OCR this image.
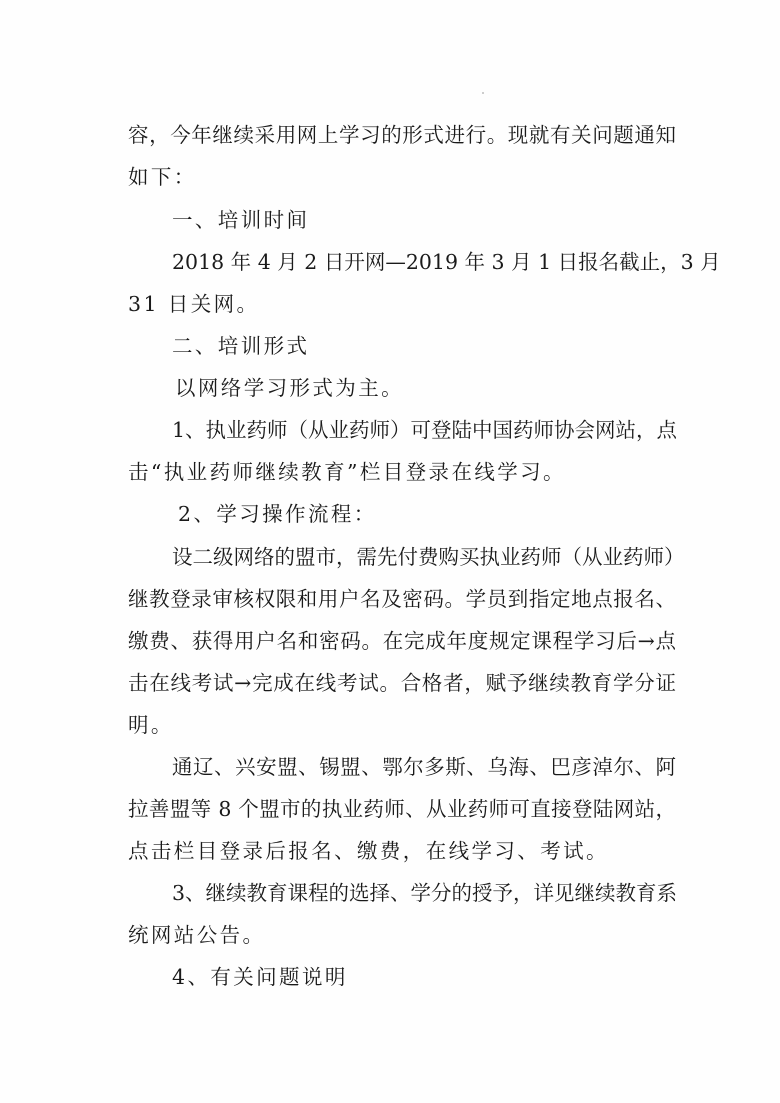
容，今年继续采用网上学习的形式进行。现就有关问题通知
如下：
一、培训时间
2018 年 4 月 2 日开网—2019 年 3 月 1 日报名截止，3 月
31 日关网。
二、培训形式
以网络学习形式为主。
1、执业药师（从业药师）可登陆中国药师协会网站，点
击“执业药师继续教育”栏目登录在线学习。
2、学习操作流程：
设二级网络的盟市，需先付费购买执业药师（从业药师）
继教登录审核权限和用户名及密码。学员到指定地点报名、
缴费、获得用户名和密码。在完成年度规定课程学习后→点
击在线考试→完成在线考试。合格者，赋予继续教育学分证
明。
通辽、兴安盟、锡盟、鄂尔多斯、乌海、巴彦淖尔、阿
拉善盟等 8 个盟市的执业药师、从业药师可直接登陆网站，
点击栏目登录后报名、缴费，在线学习、考试。
3、继续教育课程的选择、学分的授予，详见继续教育系
统网站公告。
4、有关问题说明
